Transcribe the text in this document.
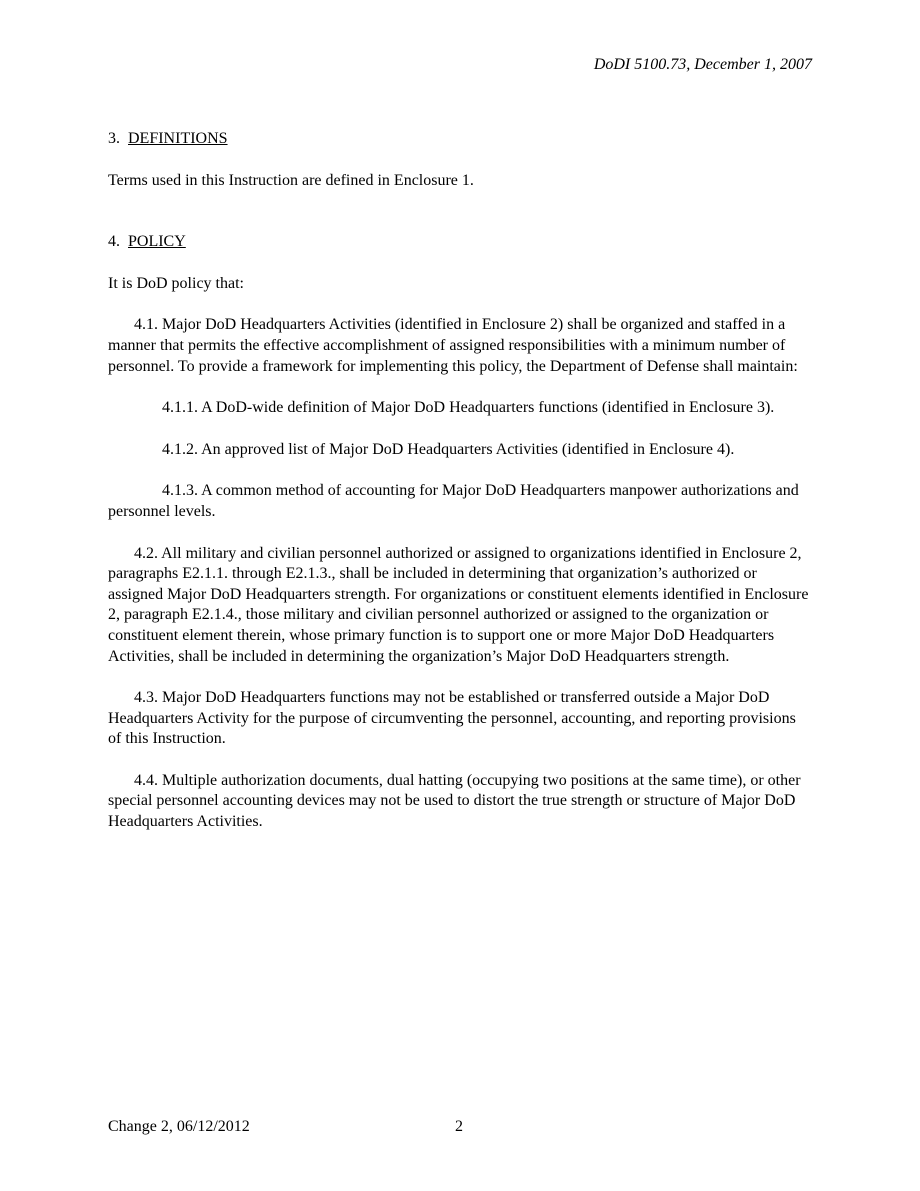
DoDI 5100.73, December 1, 2007

3. DEFINITIONS

Terms used in this Instruction are defined in Enclosure 1.

4. POLICY

It is DoD policy that:

4.1. Major DoD Headquarters Activities (identified in Enclosure 2) shall be organized and staffed in a manner that permits the effective accomplishment of assigned responsibilities with a minimum number of personnel. To provide a framework for implementing this policy, the Department of Defense shall maintain:

4.1.1. A DoD-wide definition of Major DoD Headquarters functions (identified in Enclosure 3).

4.1.2. An approved list of Major DoD Headquarters Activities (identified in Enclosure 4).

4.1.3. A common method of accounting for Major DoD Headquarters manpower authorizations and personnel levels.

4.2. All military and civilian personnel authorized or assigned to organizations identified in Enclosure 2, paragraphs E2.1.1. through E2.1.3., shall be included in determining that organization’s authorized or assigned Major DoD Headquarters strength. For organizations or constituent elements identified in Enclosure 2, paragraph E2.1.4., those military and civilian personnel authorized or assigned to the organization or constituent element therein, whose primary function is to support one or more Major DoD Headquarters Activities, shall be included in determining the organization’s Major DoD Headquarters strength.

4.3. Major DoD Headquarters functions may not be established or transferred outside a Major DoD Headquarters Activity for the purpose of circumventing the personnel, accounting, and reporting provisions of this Instruction.

4.4. Multiple authorization documents, dual hatting (occupying two positions at the same time), or other special personnel accounting devices may not be used to distort the true strength or structure of Major DoD Headquarters Activities.

Change 2, 06/12/2012	2
